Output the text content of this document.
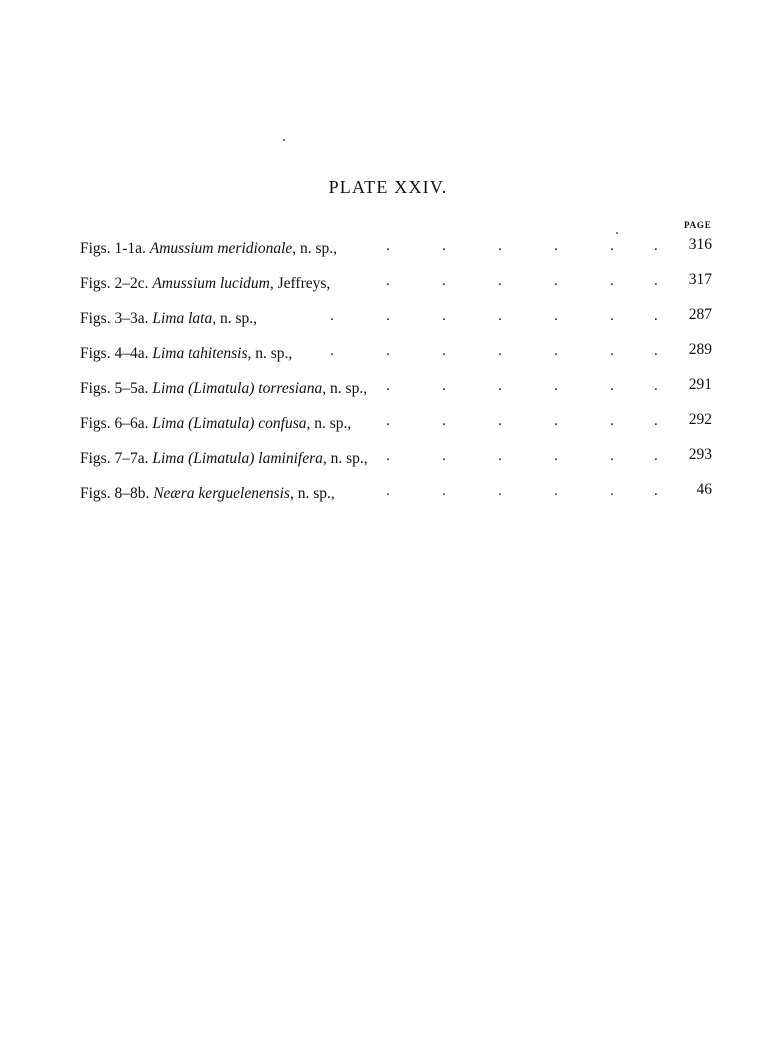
PLATE XXIV.
PAGE
Figs. 1-1a. Amussium meridionale, n. sp.,	.	.	.	.	.	.	316
Figs. 2–2c. Amussium lucidum, Jeffreys,	.	.	.	.	.	.	317
Figs. 3–3a. Lima lata, n. sp.,	.	.	.	.	.	.	.	287
Figs. 4–4a. Lima tahitensis, n. sp.,	.	.	.	.	.	.	.	289
Figs. 5–5a. Lima (Limatula) torresiana, n. sp., .	.	.	.	.	.	291
Figs. 6–6a. Lima (Limatula) confusa, n. sp., .	.	.	.	.	.	292
Figs. 7–7a. Lima (Limatula) laminifera, n. sp., .	.	.	.	.	.	293
Figs. 8–8b. Neæra kerguelenensis, n. sp.,	.	.	.	.	.	.	46
